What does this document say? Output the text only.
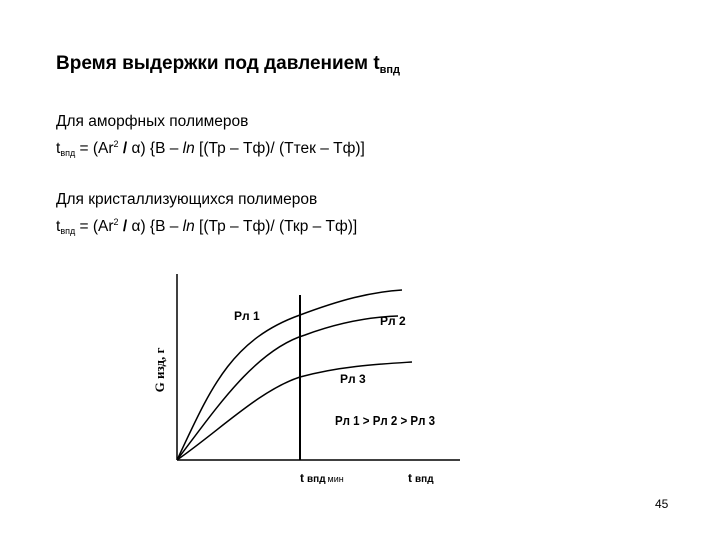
Время выдержки под давлением $t_{впд}$
Для аморфных полимеров
$t_{впд} = (Ar^2 / \alpha)$ {B – ln [(Тр – Тф)/ (Ттек – Тф)]
Для кристаллизующихся полимеров
$t_{впд} = (Ar^2 / \alpha)$ {B – ln [(Тр – Тф)/ (Ткр – Тф)]
G изд, г
Рл 1	Рл 2
Рл 3
Рл 1 > Рл 2 > Рл 3
t впд мин	t впд
45
